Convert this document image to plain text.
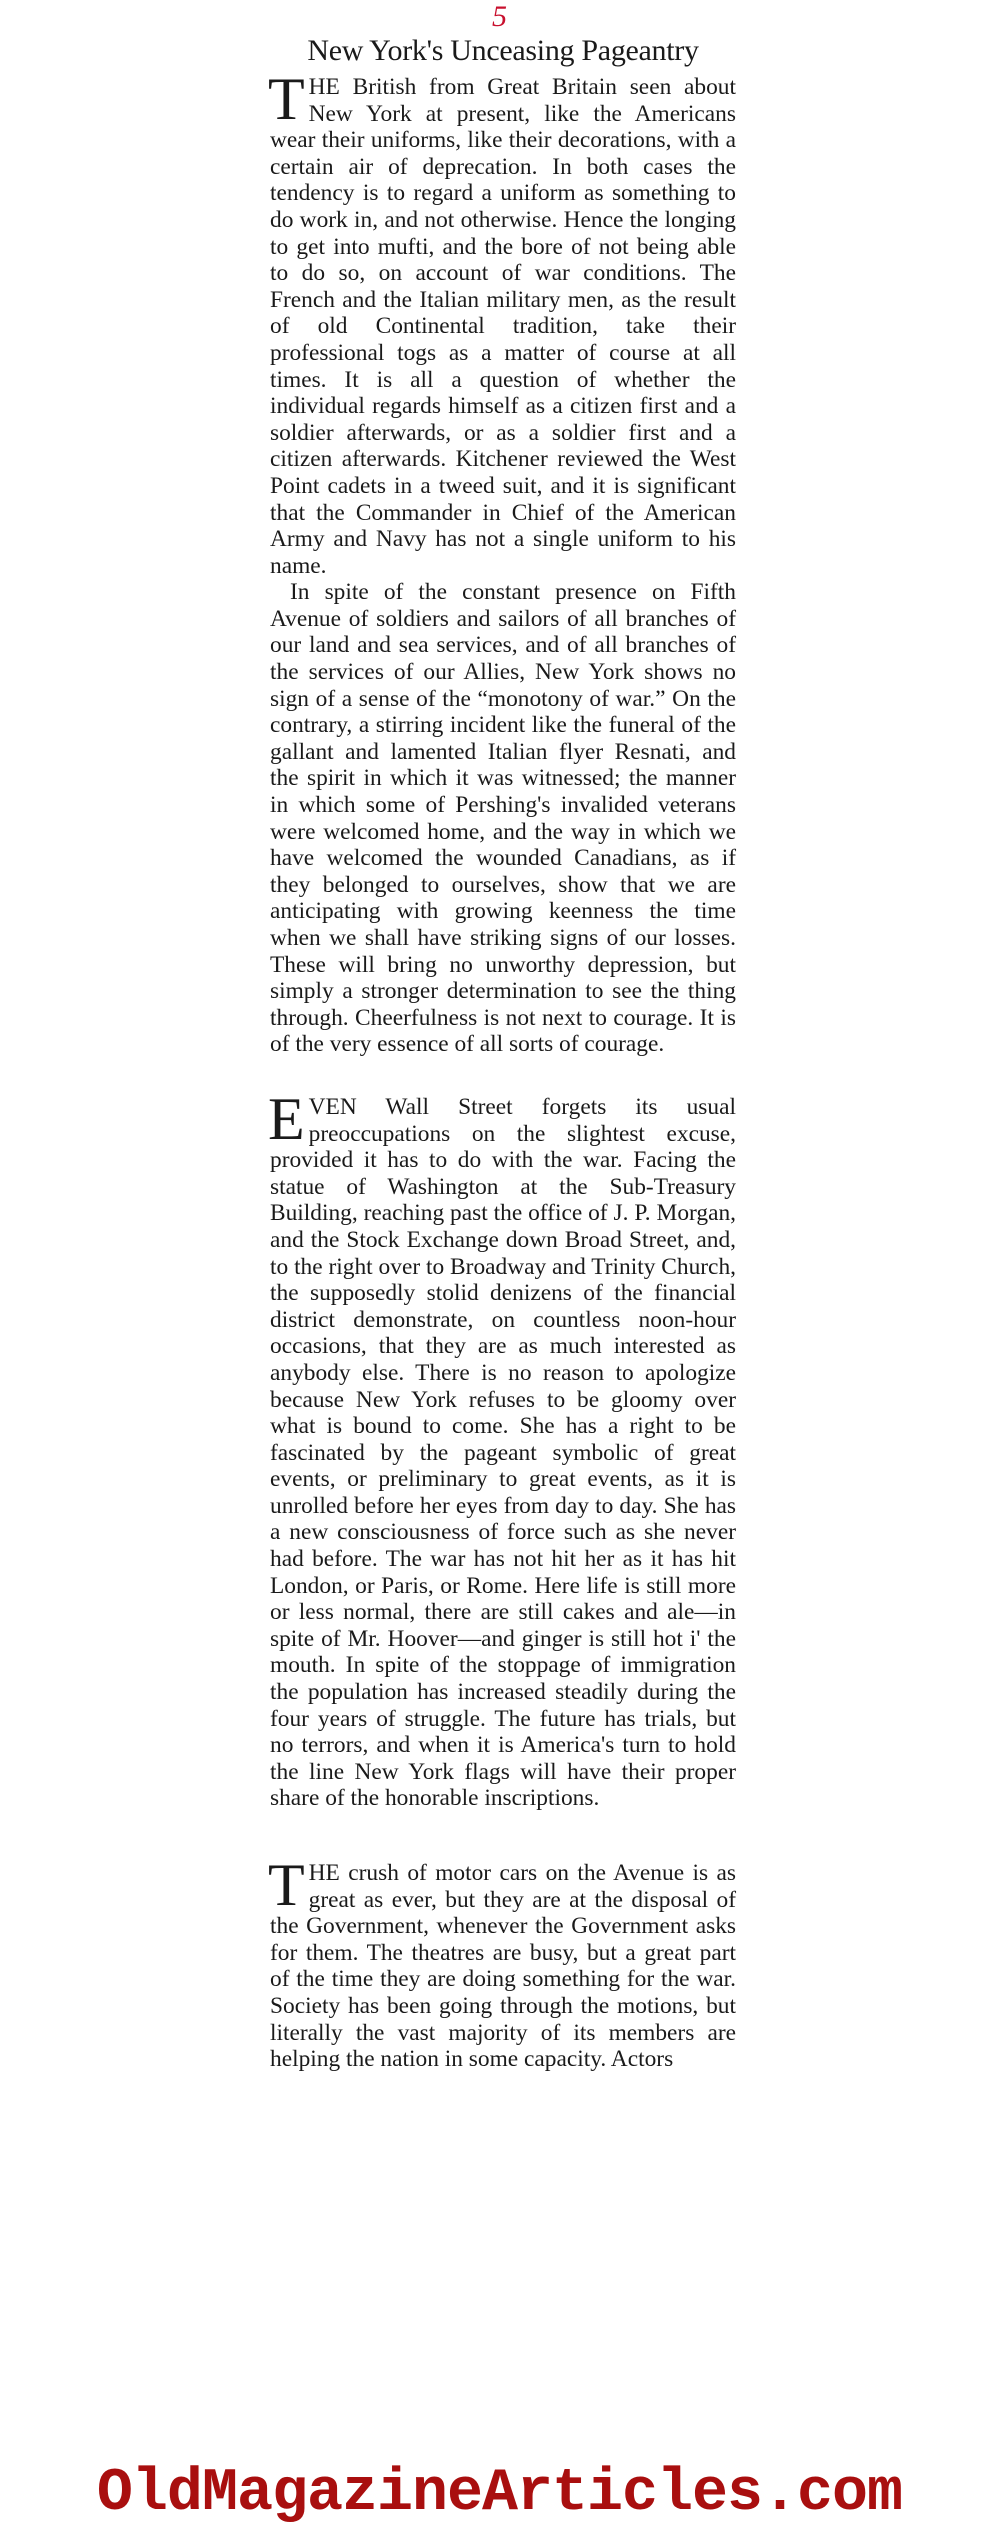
5
New York's Unceasing Pageantry

THE British from Great Britain seen about New York at present, like the Americans wear their uniforms, like their decorations, with a certain air of deprecation. In both cases the tendency is to regard a uniform as something to do work in, and not otherwise. Hence the longing to get into mufti, and the bore of not being able to do so, on account of war conditions. The French and the Italian military men, as the result of old Continental tradition, take their professional togs as a matter of course at all times. It is all a question of whether the individual regards himself as a citizen first and a soldier afterwards, or as a soldier first and a citizen afterwards. Kitchener reviewed the West Point cadets in a tweed suit, and it is significant that the Commander in Chief of the American Army and Navy has not a single uniform to his name.

In spite of the constant presence on Fifth Avenue of soldiers and sailors of all branches of our land and sea services, and of all branches of the services of our Allies, New York shows no sign of a sense of the “monotony of war.” On the contrary, a stirring incident like the funeral of the gallant and lamented Italian flyer Resnati, and the spirit in which it was witnessed; the manner in which some of Pershing's invalided veterans were welcomed home, and the way in which we have welcomed the wounded Canadians, as if they belonged to ourselves, show that we are anticipating with growing keenness the time when we shall have striking signs of our losses. These will bring no unworthy depression, but simply a stronger determination to see the thing through. Cheerfulness is not next to courage. It is of the very essence of all sorts of courage.

EVEN Wall Street forgets its usual preoccupations on the slightest excuse, provided it has to do with the war. Facing the statue of Washington at the Sub-Treasury Building, reaching past the office of J. P. Morgan, and the Stock Exchange down Broad Street, and, to the right over to Broadway and Trinity Church, the supposedly stolid denizens of the financial district demonstrate, on countless noon-hour occasions, that they are as much interested as anybody else. There is no reason to apologize because New York refuses to be gloomy over what is bound to come. She has a right to be fascinated by the pageant symbolic of great events, or preliminary to great events, as it is unrolled before her eyes from day to day. She has a new consciousness of force such as she never had before. The war has not hit her as it has hit London, or Paris, or Rome. Here life is still more or less normal, there are still cakes and ale—in spite of Mr. Hoover—and ginger is still hot i' the mouth. In spite of the stoppage of immigration the population has increased steadily during the four years of struggle. The future has trials, but no terrors, and when it is America's turn to hold the line New York flags will have their proper share of the honorable inscriptions.

THE crush of motor cars on the Avenue is as great as ever, but they are at the disposal of the Government, whenever the Government asks for them. The theatres are busy, but a great part of the time they are doing something for the war. Society has been going through the motions, but literally the vast majority of its members are helping the nation in some capacity. Actors

OldMagazineArticles.com
